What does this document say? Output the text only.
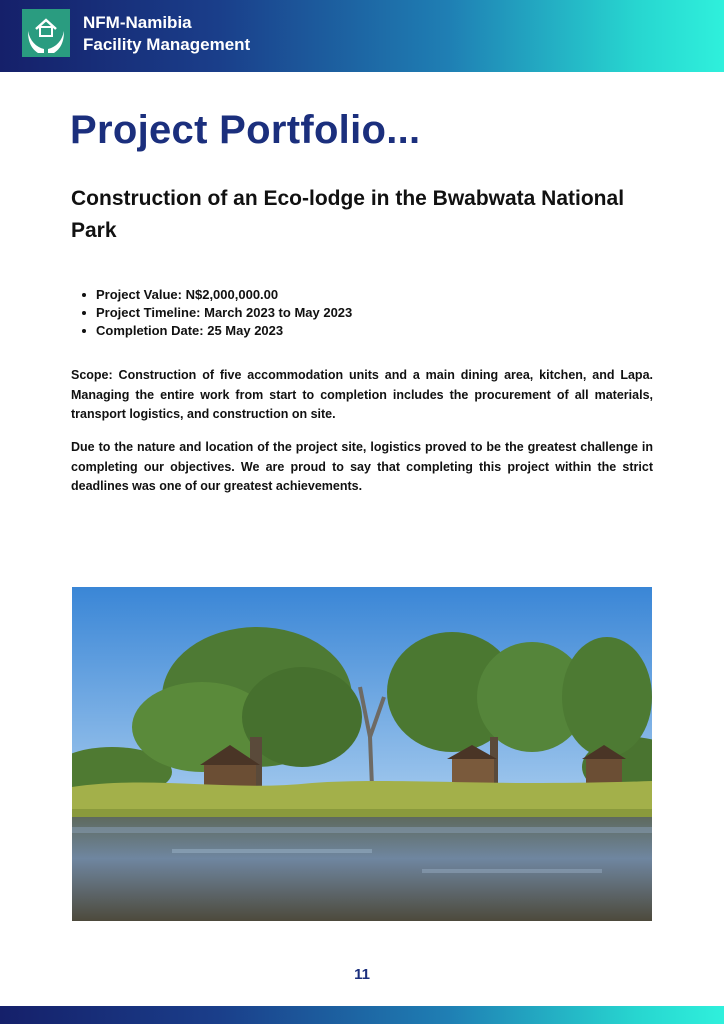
NFM-Namibia
Facility Management
Project Portfolio...
Construction of an Eco-lodge in the Bwabwata National Park
Project Value: N$2,000,000.00
Project Timeline: March 2023 to May 2023
Completion Date: 25 May 2023

Scope: Construction of five accommodation units and a main dining area, kitchen, and Lapa. Managing the entire work from start to completion includes the procurement of all materials, transport logistics, and construction on site.

Due to the nature and location of the project site, logistics proved to be the greatest challenge in completing our objectives. We are proud to say that completing this project within the strict deadlines was one of our greatest achievements.

11
